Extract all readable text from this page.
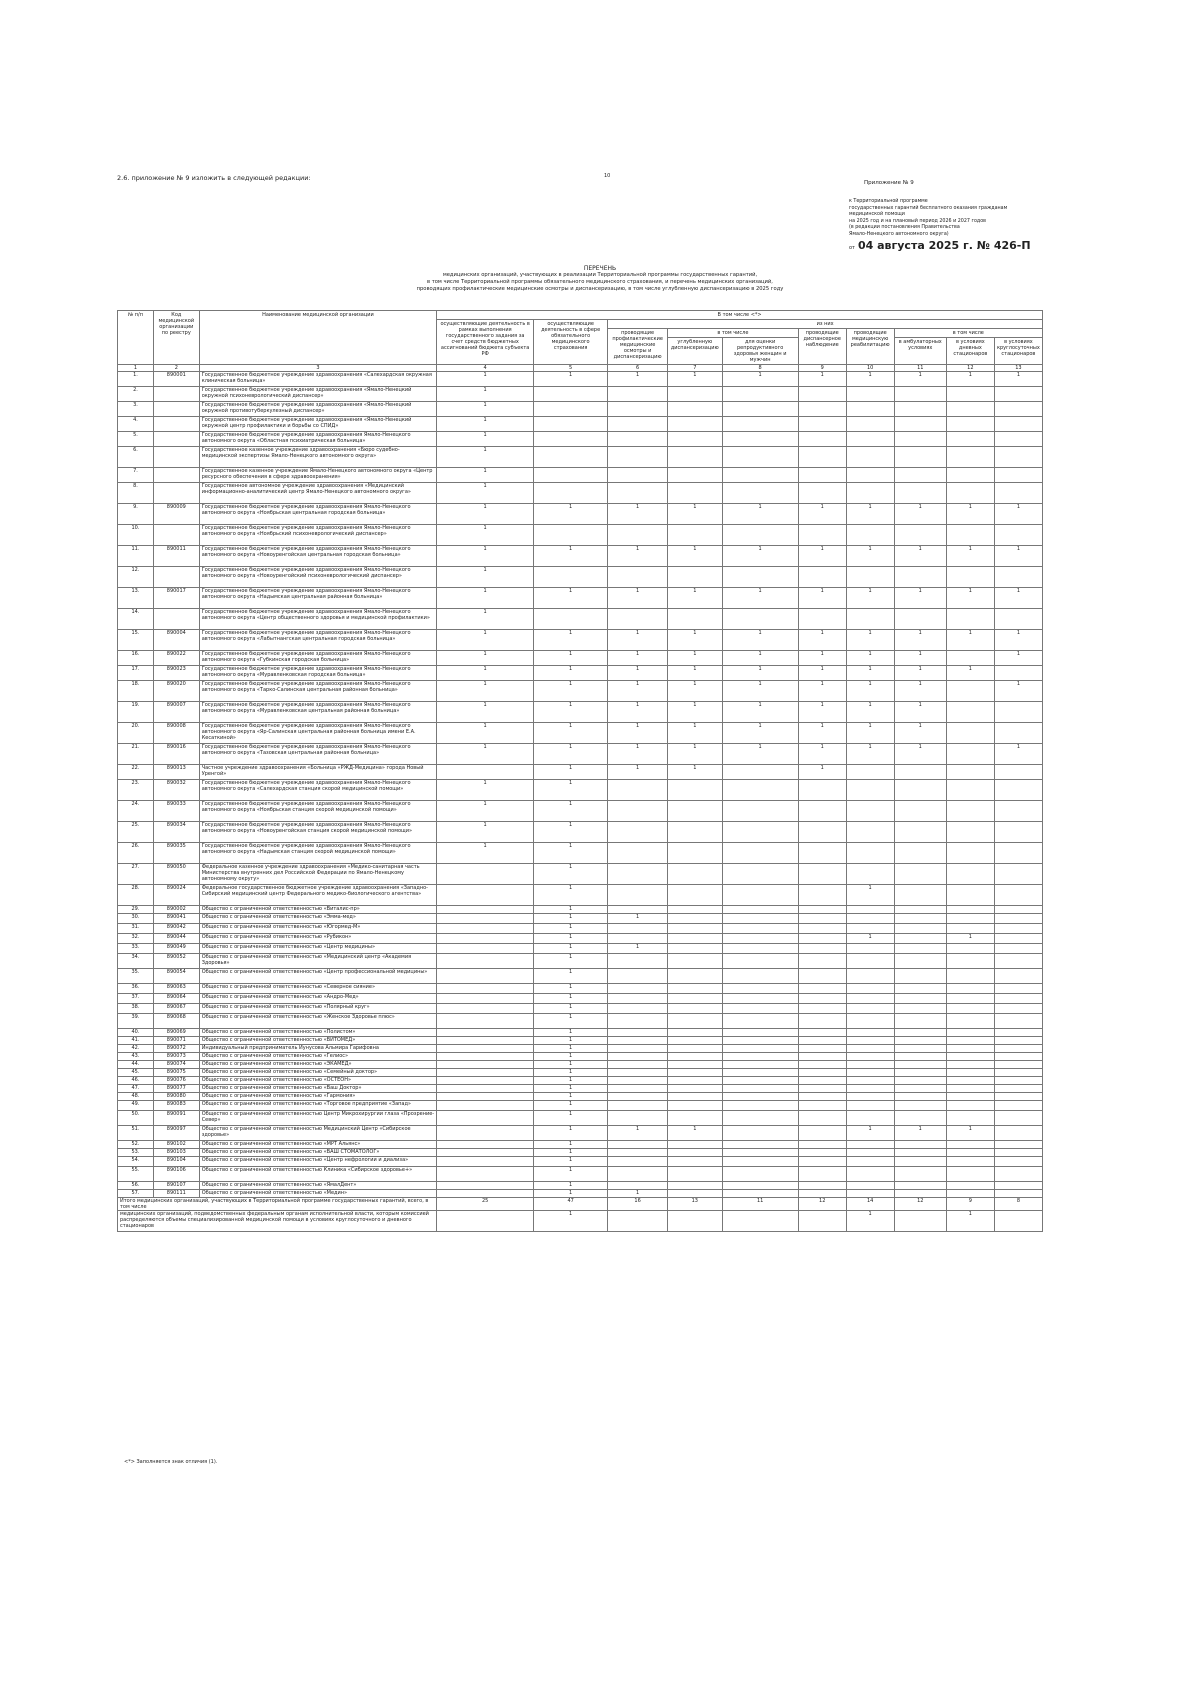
2.6. приложение № 9 изложить в следующей редакции:	10
Приложение № 9
к Территориальной программе
государственных гарантий бесплатного оказания гражданам
медицинской помощи
на 2025 год и на плановый период 2026 и 2027 годов
(в редакции постановления Правительства
Ямало-Ненецкого автономного округа)
от 04 августа 2025 г. № 426-П
ПЕРЕЧЕНЬ
медицинских организаций, участвующих в реализации Территориальной программы государственных гарантий,
в том числе Территориальной программы обязательного медицинского страхования, и перечень медицинских организаций,
проводящих профилактические медицинские осмотры и диспансеризацию, в том числе углубленную диспансеризацию в 2025 году
№ п/п	Код медицинской организации по реестру	Наименование медицинской организации	В том числе <*>									
			осуществляющие деятельность в рамках выполнения государственного задания за счет средств бюджетных ассигнований бюджета субъекта РФ	осуществляющие деятельность в сфере обязательного медицинского страхования	из них							
					проводящие профилактические медицинские осмотры и диспансеризацию	в том числе		проводящие диспансерное наблюдение	проводящие медицинскую реабилитацию	в том числе		
						углубленную диспансеризацию	для оценки репродуктивного здоровья женщин и мужчин			в амбулаторных условиях	в условиях дневных стационаров	в условиях круглосуточных стационаров
1	2	3	4	5	6	7	8	9	10	11	12	13
1.	890001	Государственное бюджетное учреждение здравоохранения «Салехардская окружная клиническая больница»	1	1	1	1	1	1	1	1	1	1
2.		Государственное бюджетное учреждение здравоохранения «Ямало-Ненецкий окружной психоневрологический диспансер»	1									
3.		Государственное бюджетное учреждение здравоохранения «Ямало-Ненецкий окружной противотуберкулезный диспансер»	1									
4.		Государственное бюджетное учреждение здравоохранения «Ямало-Ненецкий окружной центр профилактики и борьбы со СПИД»	1									
5.		Государственное бюджетное учреждение здравоохранения Ямало-Ненецкого автономного округа «Областная психиатрическая больница»	1									
6.		Государственное казенное учреждение здравоохранения «Бюро судебно-медицинской экспертизы Ямало-Ненецкого автономного округа»	1									
7.		Государственное казенное учреждение Ямало-Ненецкого автономного округа «Центр ресурсного обеспечения в сфере здравоохранения»	1									
8.		Государственное автономное учреждение здравоохранения «Медицинский информационно-аналитический центр Ямало-Ненецкого автономного округа»	1									
9.	890009	Государственное бюджетное учреждение здравоохранения Ямало-Ненецкого автономного округа «Ноябрьская центральная городская больница»	1	1	1	1	1	1	1	1	1	1
10.		Государственное бюджетное учреждение здравоохранения Ямало-Ненецкого автономного округа «Ноябрьский психоневрологический диспансер»	1									
11.	890011	Государственное бюджетное учреждение здравоохранения Ямало-Ненецкого автономного округа «Новоуренгойская центральная городская больница»	1	1	1	1	1	1	1	1	1	1
12.		Государственное бюджетное учреждение здравоохранения Ямало-Ненецкого автономного округа «Новоуренгойский психоневрологический диспансер»	1									
13.	890017	Государственное бюджетное учреждение здравоохранения Ямало-Ненецкого автономного округа «Надымская центральная районная больница»	1	1	1	1	1	1	1	1	1	1
14.		Государственное бюджетное учреждение здравоохранения Ямало-Ненецкого автономного округа «Центр общественного здоровья и медицинской профилактики»	1									
15.	890004	Государственное бюджетное учреждение здравоохранения Ямало-Ненецкого автономного округа «Лабытнангская центральная городская больница»	1	1	1	1	1	1	1	1	1	1
16.	890022	Государственное бюджетное учреждение здравоохранения Ямало-Ненецкого автономного округа «Губкинская городская больница»	1	1	1	1	1	1	1	1		1
17.	890023	Государственное бюджетное учреждение здравоохранения Ямало-Ненецкого автономного округа «Муравленковская городская больница»	1	1	1	1	1	1	1	1	1	
18.	890020	Государственное бюджетное учреждение здравоохранения Ямало-Ненецкого автономного округа «Тарко-Салинская центральная районная больница»	1	1	1	1	1	1	1	1		1
19.	890007	Государственное бюджетное учреждение здравоохранения Ямало-Ненецкого автономного округа «Муравленковская центральная районная больница»	1	1	1	1	1	1	1	1		
20.	890008	Государственное бюджетное учреждение здравоохранения Ямало-Ненецкого автономного округа «Яр-Салинская центральная районная больница имени Е.А. Кесаткиной»	1	1	1	1	1	1	1	1		
21.	890016	Государственное бюджетное учреждение здравоохранения Ямало-Ненецкого автономного округа «Тазовская центральная районная больница»	1	1	1	1	1	1	1	1		1
22.	890013	Частное учреждение здравоохранения «Больница «РЖД-Медицина» города Новый Уренгой»		1	1	1		1				
23.	890032	Государственное бюджетное учреждение здравоохранения Ямало-Ненецкого автономного округа «Салехардская станция скорой медицинской помощи»	1	1								
24.	890033	Государственное бюджетное учреждение здравоохранения Ямало-Ненецкого автономного округа «Ноябрьская станция скорой медицинской помощи»	1	1								
25.	890034	Государственное бюджетное учреждение здравоохранения Ямало-Ненецкого автономного округа «Новоуренгойская станция скорой медицинской помощи»	1	1								
26.	890035	Государственное бюджетное учреждение здравоохранения Ямало-Ненецкого автономного округа «Надымская станция скорой медицинской помощи»	1	1								
27.	890050	Федеральное казенное учреждение здравоохранения «Медико-санитарная часть Министерства внутренних дел Российской Федерации по Ямало-Ненецкому автономному округу»		1								
28.	890024	Федеральное государственное бюджетное учреждение здравоохранения «Западно-Сибирский медицинский центр Федерального медико-биологического агентства»		1					1			
29.	890002	Общество с ограниченной ответственностью «Виталис-пр»		1								
30.	890041	Общество с ограниченной ответственностью «Эмма-мед»		1	1							
31.	890042	Общество с ограниченной ответственностью «Югормед-М»		1								
32.	890044	Общество с ограниченной ответственностью «Рубикон»		1					1		1	
33.	890049	Общество с ограниченной ответственностью «Центр медицины»		1	1							
34.	890052	Общество с ограниченной ответственностью «Медицинский центр «Академия Здоровья»		1								
35.	890054	Общество с ограниченной ответственностью «Центр профессиональной медицины»		1								
36.	890063	Общество с ограниченной ответственностью «Северное сияние»		1								
37.	890064	Общество с ограниченной ответственностью «Андро-Мед»		1								
38.	890067	Общество с ограниченной ответственностью «Полярный круг»		1								
39.	890068	Общество с ограниченной ответственностью «Женское Здоровье плюс»		1								
40.	890069	Общество с ограниченной ответственностью «Полистом»		1								
41.	890071	Общество с ограниченной ответственностью «ВИТОМЕД»		1								
42.	890072	Индивидуальный предприниматель Иунусова Альмира Гарифовна		1								
43.	890073	Общество с ограниченной ответственностью «Гелиос»		1								
44.	890074	Общество с ограниченной ответственностью «ЭКАМЕД»		1								
45.	890075	Общество с ограниченной ответственностью «Семейный доктор»		1								
46.	890076	Общество с ограниченной ответственностью «ОСТЕОН»		1								
47.	890077	Общество с ограниченной ответственностью «Ваш Доктор»		1								
48.	890080	Общество с ограниченной ответственностью «Гармония»		1								
49.	890083	Общество с ограниченной ответственностью «Торговое предприятие «Запад»		1								
50.	890091	Общество с ограниченной ответственностью Центр Микрохирургии глаза «Прозрение-Север»		1								
51.	890097	Общество с ограниченной ответственностью Медицинский Центр «Сибирское здоровье»		1	1	1			1	1	1	
52.	890102	Общество с ограниченной ответственностью «МРТ Альянс»		1								
53.	890103	Общество с ограниченной ответственностью «ВАШ СТОМАТОЛОГ»		1								
54.	890104	Общество с ограниченной ответственностью «Центр нефрологии и диализа»		1								
55.	890106	Общество с ограниченной ответственностью Клиника «Сибирское здоровье+»		1								
56.	890107	Общество с ограниченной ответственностью «ЯмалДент»		1								
57.	890111	Общество с ограниченной ответственностью «Медин»		1	1							
Итого медицинских организаций, участвующих в Территориальной программе государственных гарантий, всего, в том числе			25	47	16	13	11	12	14	12	9	8
медицинских организаций, подведомственных федеральным органам исполнительной власти, которым комиссией распределяются объемы специализированной медицинской помощи в условиях круглосуточного и дневного стационаров				1					1		1	
<*> Заполняется знак отличия (1).
